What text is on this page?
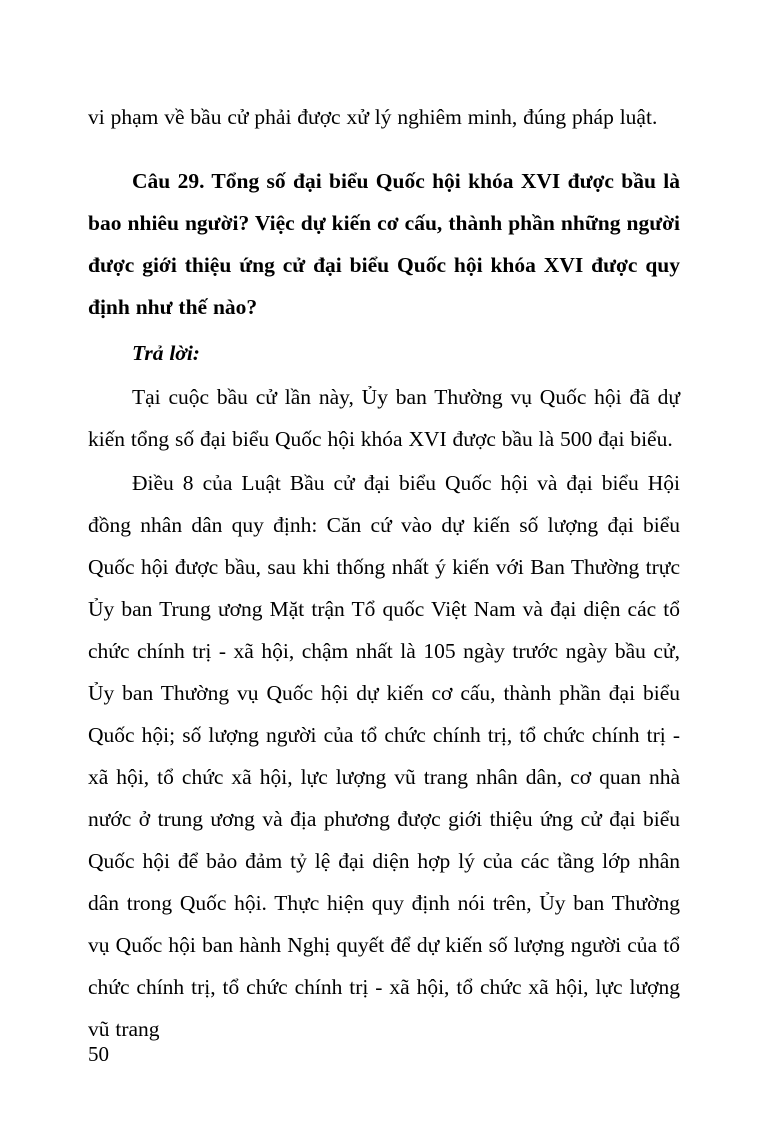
vi phạm về bầu cử phải được xử lý nghiêm minh, đúng pháp luật.

Câu 29. Tổng số đại biểu Quốc hội khóa XVI được bầu là bao nhiêu người? Việc dự kiến cơ cấu, thành phần những người được giới thiệu ứng cử đại biểu Quốc hội khóa XVI được quy định như thế nào?

Trả lời:

Tại cuộc bầu cử lần này, Ủy ban Thường vụ Quốc hội đã dự kiến tổng số đại biểu Quốc hội khóa XVI được bầu là 500 đại biểu.

Điều 8 của Luật Bầu cử đại biểu Quốc hội và đại biểu Hội đồng nhân dân quy định: Căn cứ vào dự kiến số lượng đại biểu Quốc hội được bầu, sau khi thống nhất ý kiến với Ban Thường trực Ủy ban Trung ương Mặt trận Tổ quốc Việt Nam và đại diện các tổ chức chính trị - xã hội, chậm nhất là 105 ngày trước ngày bầu cử, Ủy ban Thường vụ Quốc hội dự kiến cơ cấu, thành phần đại biểu Quốc hội; số lượng người của tổ chức chính trị, tổ chức chính trị - xã hội, tổ chức xã hội, lực lượng vũ trang nhân dân, cơ quan nhà nước ở trung ương và địa phương được giới thiệu ứng cử đại biểu Quốc hội để bảo đảm tỷ lệ đại diện hợp lý của các tầng lớp nhân dân trong Quốc hội. Thực hiện quy định nói trên, Ủy ban Thường vụ Quốc hội ban hành Nghị quyết để dự kiến số lượng người của tổ chức chính trị, tổ chức chính trị - xã hội, tổ chức xã hội, lực lượng vũ trang

50
